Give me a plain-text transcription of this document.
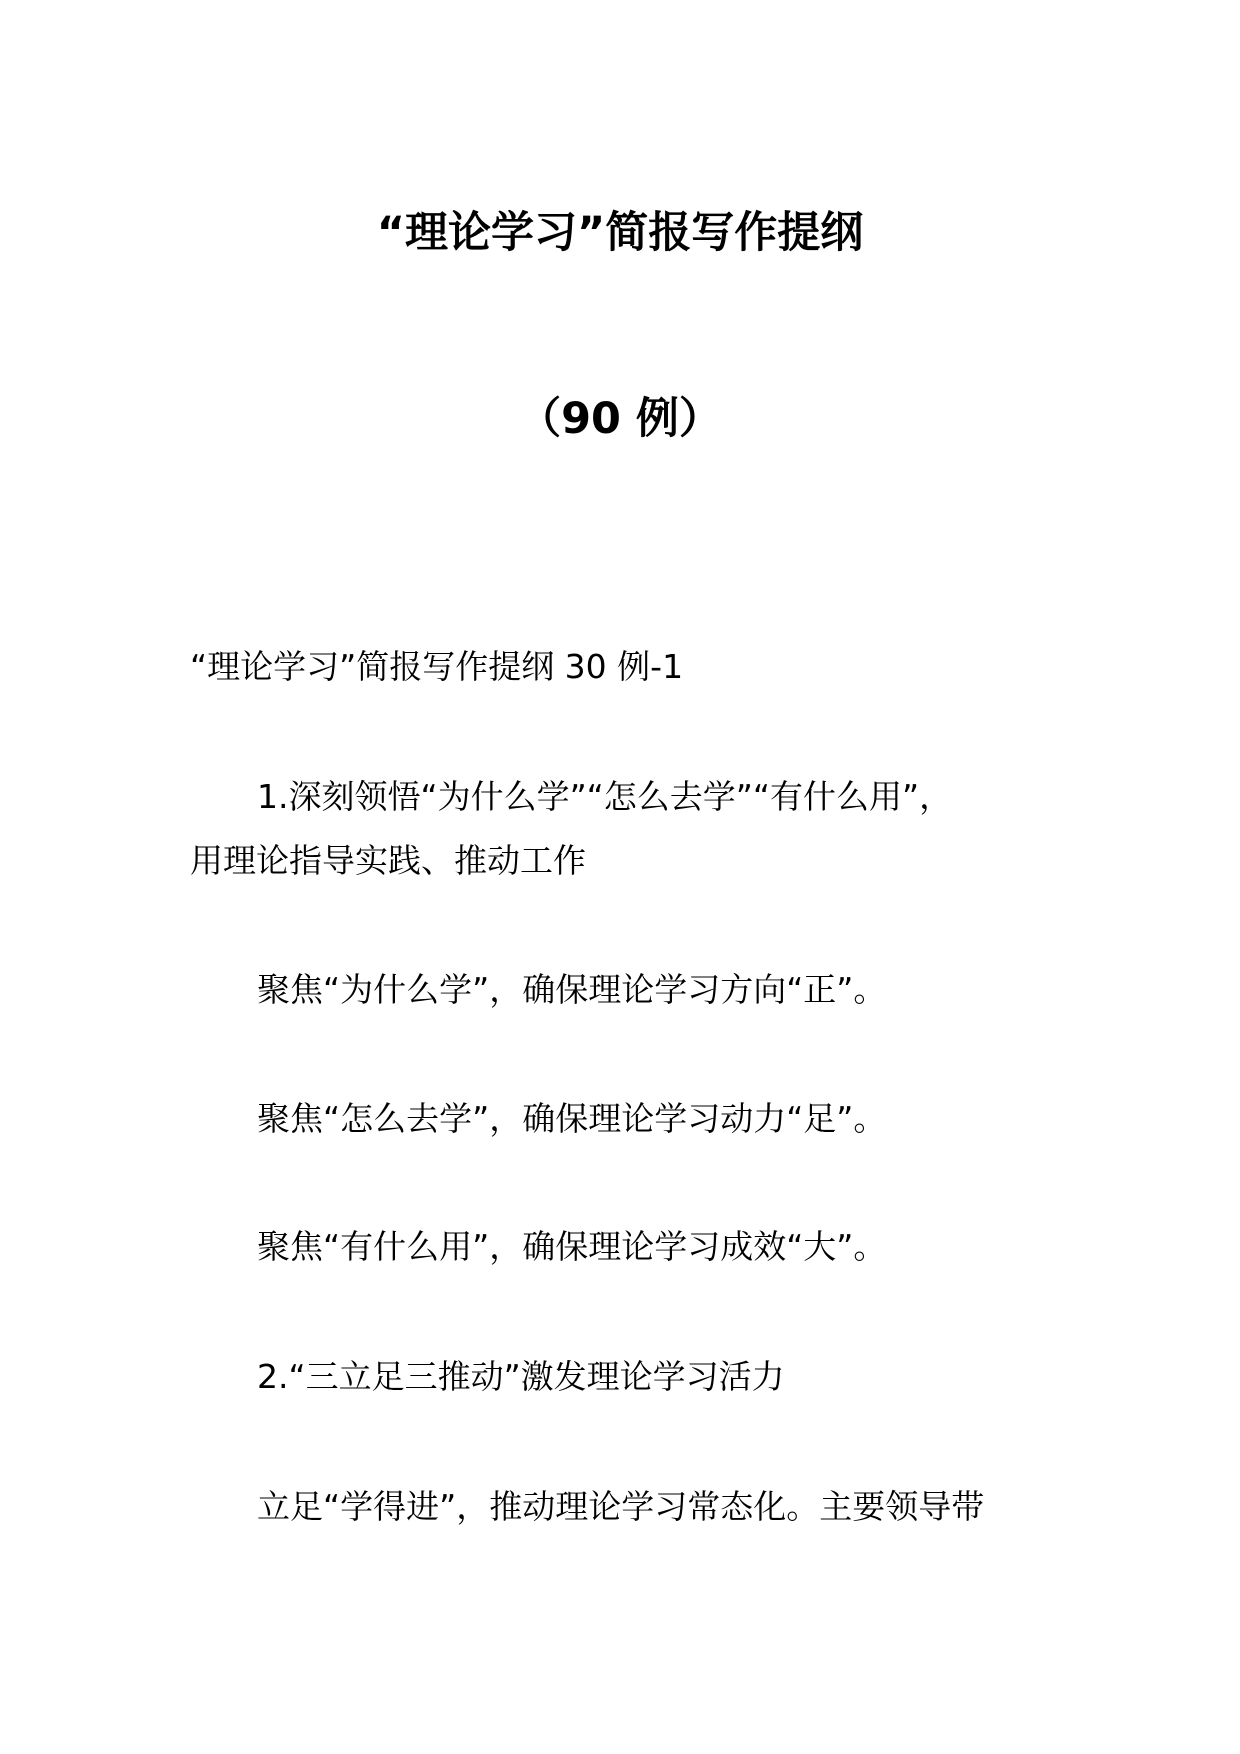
“理论学习”简报写作提纲
（90 例）
“理论学习”简报写作提纲 30 例-1
1.深刻领悟“为什么学”“怎么去学”“有什么用”，
用理论指导实践、推动工作
聚焦“为什么学”，确保理论学习方向“正”。
聚焦“怎么去学”，确保理论学习动力“足”。
聚焦“有什么用”，确保理论学习成效“大”。
2.“三立足三推动”激发理论学习活力
立足“学得进”，推动理论学习常态化。主要领导带
